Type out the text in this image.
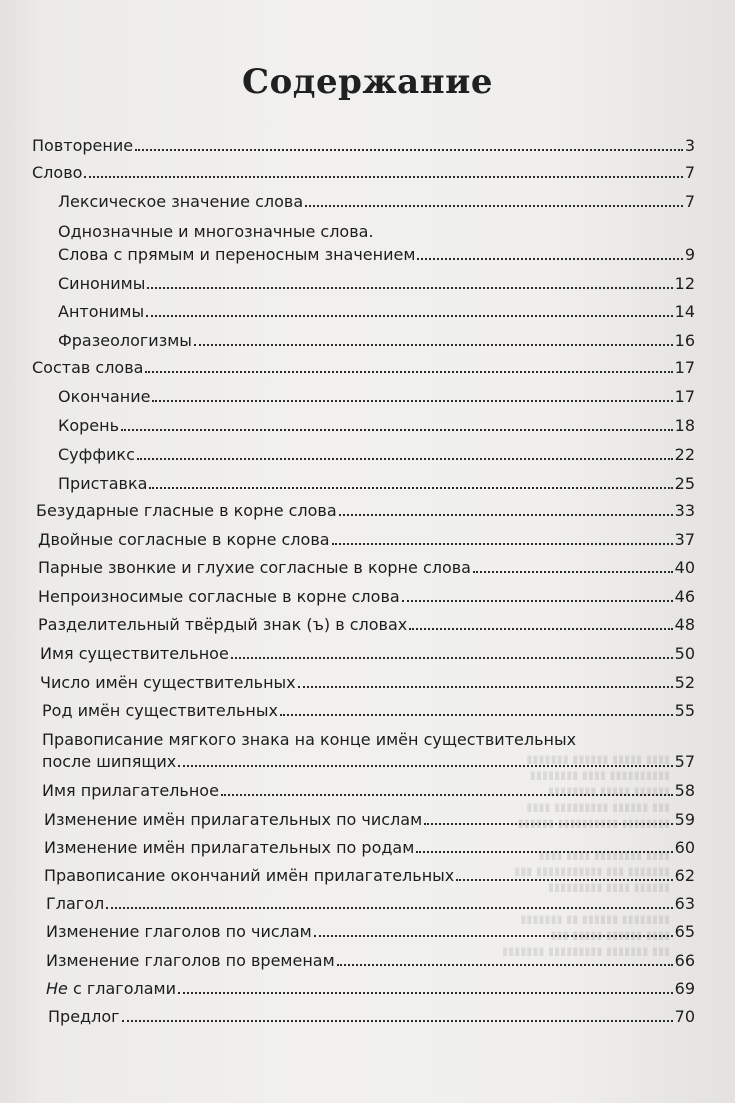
Содержание
▮▮▮ ▮▮▮▮▮▮▮ ▮▮▮▮▮▮▮▮▮ ▮▮▮▮▮▮▮
▮▮▮▮ ▮▮▮▮▮▮ ▮▮▮▮▮ ▮▮▮
▮▮▮▮▮▮▮▮ ▮▮▮▮▮▮ ▮▮ ▮▮▮▮▮▮▮

▮▮▮▮▮▮ ▮▮▮▮ ▮▮▮▮▮▮▮▮▮
▮▮▮▮▮▮▮ ▮▮▮ ▮▮▮▮▮▮▮▮▮▮▮ ▮▮▮
▮▮▮▮ ▮▮▮▮▮▮▮▮ ▮▮▮▮ ▮▮▮▮

▮▮▮▮▮▮▮▮ ▮▮▮▮▮▮▮▮▮▮ ▮▮▮▮▮▮
▮▮▮ ▮▮▮▮▮▮ ▮▮▮▮▮▮▮▮▮ ▮▮▮▮
▮▮▮▮▮▮ ▮▮▮▮▮ ▮▮▮▮▮▮▮▮
▮▮▮▮▮▮▮▮▮▮ ▮▮▮▮ ▮▮▮▮▮▮▮▮
▮▮▮▮ ▮▮▮▮▮ ▮▮▮▮▮▮ ▮▮▮▮▮▮▮
Повторение	3
Слово	7
Лексическое значение слова	7
Однозначные и многозначные слова.
Слова с прямым и переносным значением	9
Синонимы	12
Антонимы	14
Фразеологизмы	16
Состав слова	17
Окончание	17
Корень	18
Суффикс	22
Приставка	25
Безударные гласные в корне слова	33
Двойные согласные в корне слова	37
Парные звонкие и глухие согласные в корне слова	40
Непроизносимые согласные в корне слова	46
Разделительный твёрдый знак (ъ) в словах	48
Имя существительное	50
Число имён существительных	52
Род имён существительных	55
Правописание мягкого знака на конце имён существительных
после шипящих	57
Имя прилагательное	58
Изменение имён прилагательных по числам	59
Изменение имён прилагательных по родам	60
Правописание окончаний имён прилагательных	62
Глагол	63
Изменение глаголов по числам	65
Изменение глаголов по временам	66
Не с глаголами	69
Предлог	70
